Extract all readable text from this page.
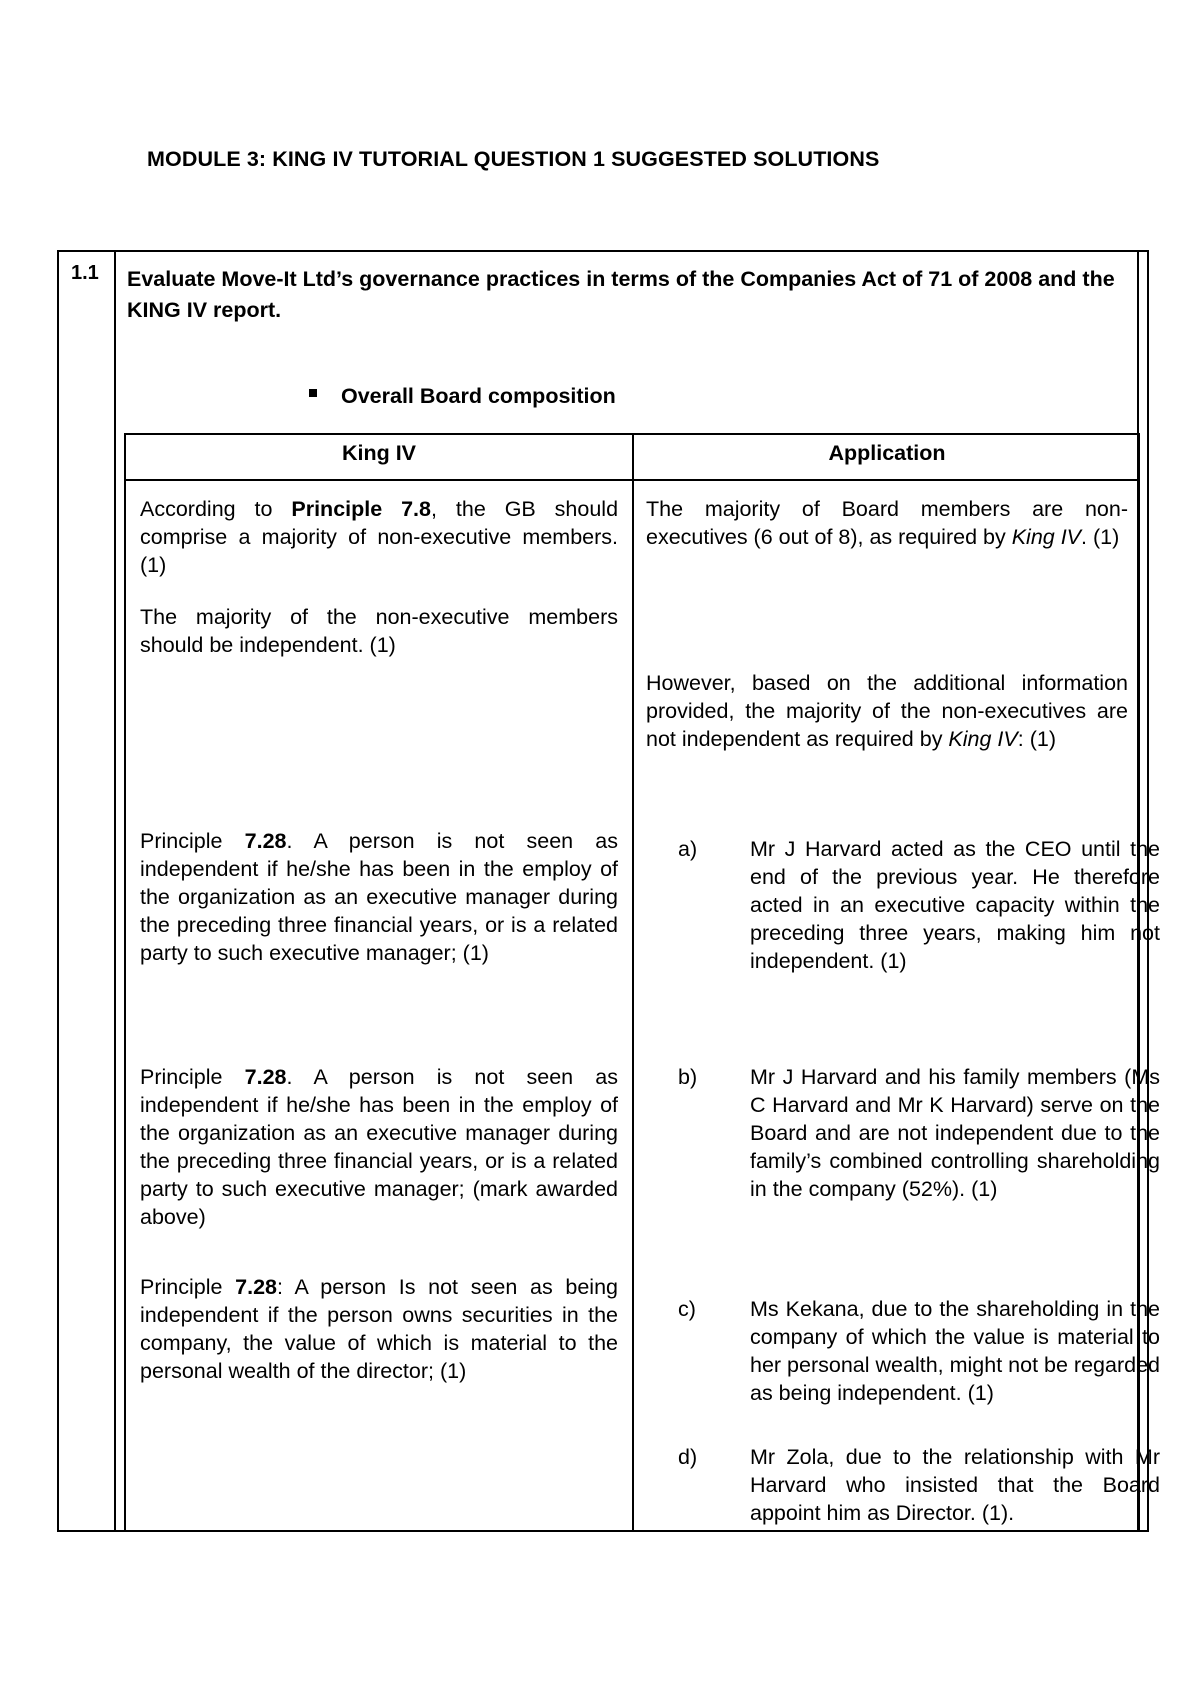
MODULE 3: KING IV TUTORIAL QUESTION 1 SUGGESTED SOLUTIONS
1.1 Evaluate Move-It Ltd’s governance practices in terms of the Companies Act of 71 of 2008 and the KING IV report.
Overall Board composition
King IV	Application
According to Principle 7.8, the GB should comprise a majority of non-executive members. (1)
The majority of the non-executive members should be independent. (1)
Principle 7.28. A person is not seen as independent if he/she has been in the employ of the organization as an executive manager during the preceding three financial years, or is a related party to such executive manager; (1)
Principle 7.28. A person is not seen as independent if he/she has been in the employ of the organization as an executive manager during the preceding three financial years, or is a related party to such executive manager; (mark awarded above)
Principle 7.28: A person Is not seen as being independent if the person owns securities in the company, the value of which is material to the personal wealth of the director; (1)
The majority of Board members are non-executives (6 out of 8), as required by King IV. (1)
However, based on the additional information provided, the majority of the non-executives are not independent as required by King IV: (1)
a) Mr J Harvard acted as the CEO until the end of the previous year. He therefore acted in an executive capacity within the preceding three years, making him not independent. (1)
b) Mr J Harvard and his family members (Ms C Harvard and Mr K Harvard) serve on the Board and are not independent due to the family’s combined controlling shareholding in the company (52%). (1)
c)	Ms Kekana, due to the shareholding in the company of which the value is material to her personal wealth, might not be regarded as being independent. (1)
d) Mr Zola, due to the relationship with Mr Harvard who insisted that the Board appoint him as Director. (1).
